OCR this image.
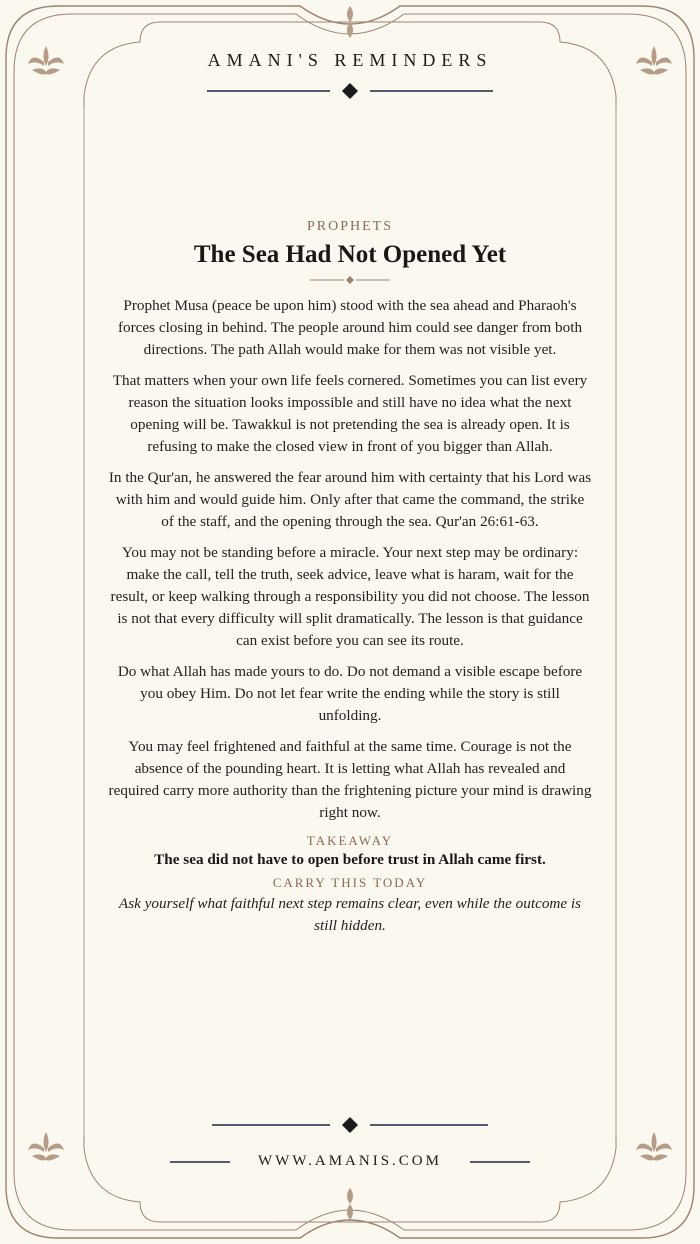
AMANI'S REMINDERS

PROPHETS

The Sea Had Not Opened Yet

Prophet Musa (peace be upon him) stood with the sea ahead and Pharaoh's forces closing in behind. The people around him could see danger from both directions. The path Allah would make for them was not visible yet.

That matters when your own life feels cornered. Sometimes you can list every reason the situation looks impossible and still have no idea what the next opening will be. Tawakkul is not pretending the sea is already open. It is refusing to make the closed view in front of you bigger than Allah.

In the Qur'an, he answered the fear around him with certainty that his Lord was with him and would guide him. Only after that came the command, the strike of the staff, and the opening through the sea. Qur'an 26:61-63.

You may not be standing before a miracle. Your next step may be ordinary: make the call, tell the truth, seek advice, leave what is haram, wait for the result, or keep walking through a responsibility you did not choose. The lesson is not that every difficulty will split dramatically. The lesson is that guidance can exist before you can see its route.

Do what Allah has made yours to do. Do not demand a visible escape before you obey Him. Do not let fear write the ending while the story is still unfolding.

You may feel frightened and faithful at the same time. Courage is not the absence of the pounding heart. It is letting what Allah has revealed and required carry more authority than the frightening picture your mind is drawing right now.

TAKEAWAY

The sea did not have to open before trust in Allah came first.

CARRY THIS TODAY

Ask yourself what faithful next step remains clear, even while the outcome is still hidden.

WWW.AMANIS.COM
